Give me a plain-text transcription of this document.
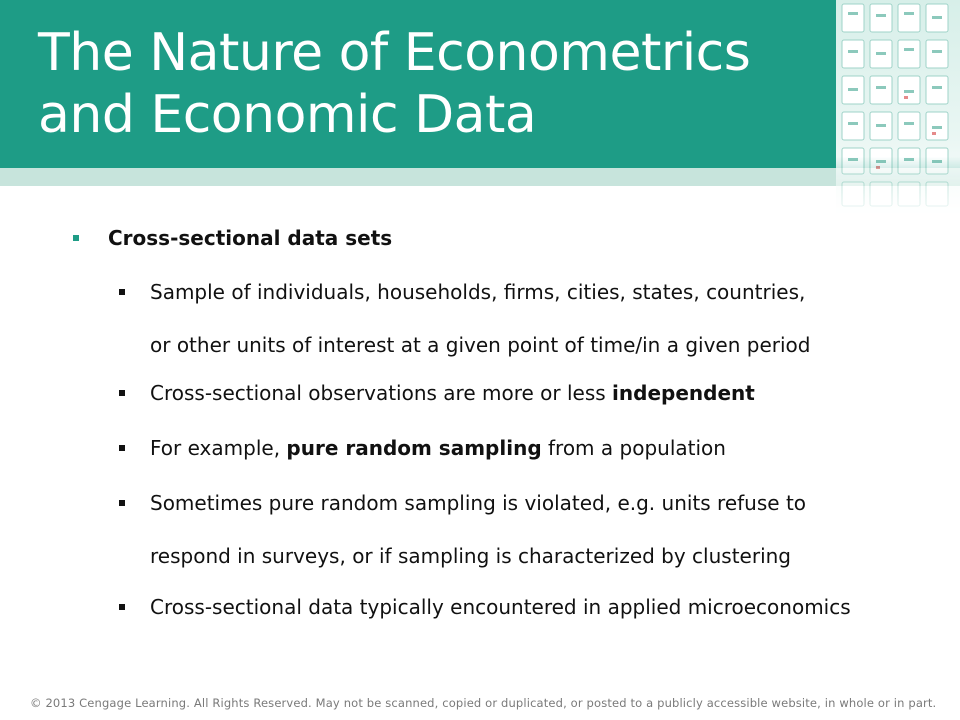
The Nature of Econometrics
and Economic Data
Cross-sectional data sets
Sample of individuals, households, firms, cities, states, countries,
or other units of interest at a given point of time/in a given period
Cross-sectional observations are more or less independent
For example, pure random sampling from a population
Sometimes pure random sampling is violated, e.g. units refuse to
respond in surveys, or if sampling is characterized by clustering
Cross-sectional data typically encountered in applied microeconomics
© 2013 Cengage Learning. All Rights Reserved. May not be scanned, copied or duplicated, or posted to a publicly accessible website, in whole or in part.
